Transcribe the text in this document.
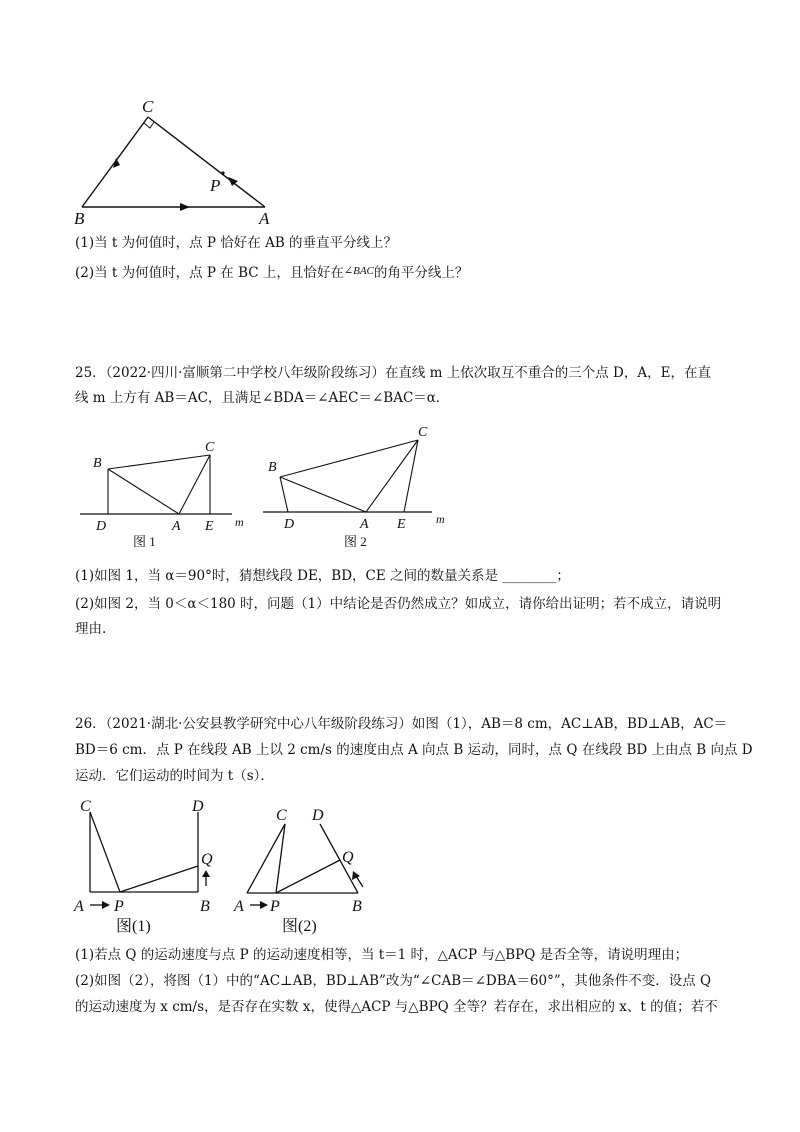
C
P
B	A
(1)当 t 为何值时，点 P 恰好在 AB 的垂直平分线上？
(2)当 t 为何值时，点 P 在 BC 上，且恰好在$^{\angle BAC}$的角平分线上？
25．（2022·四川·富顺第二中学校八年级阶段练习）在直线 m 上依次取互不重合的三个点 D，A，E，在直
线 m 上方有 AB＝AC，且满足∠BDA＝∠AEC＝∠BAC＝α．
B
C
D	A E m
图 1
B
C
D	A E	m
图 2
(1)如图 1，当 α＝90°时，猜想线段 DE，BD，CE 之间的数量关系是 ________；
(2)如图 2，当 0＜α＜180 时，问题（1）中结论是否仍然成立？如成立，请你给出证明；若不成立，请说明
理由.
26．（2021·湖北·公安县教学研究中心八年级阶段练习）如图（1），AB＝8 cm，AC⊥AB，BD⊥AB，AC＝
BD＝6 cm．点 P 在线段 AB 上以 2 cm/s 的速度由点 A 向点 B 运动，同时，点 Q 在线段 BD 上由点 B 向点 D
运动．它们运动的时间为 t（s）．
C	D
Q
A P	B
图(1)
C D
Q
A P	B
图(2)
(1)若点 Q 的运动速度与点 P 的运动速度相等，当 t＝1 时，△ACP 与△BPQ 是否全等，请说明理由；
(2)如图（2），将图（1）中的“AC⊥AB，BD⊥AB”改为“∠CAB＝∠DBA＝60°”，其他条件不变．设点 Q
的运动速度为 x cm/s，是否存在实数 x，使得△ACP 与△BPQ 全等？若存在，求出相应的 x、t 的值；若不
